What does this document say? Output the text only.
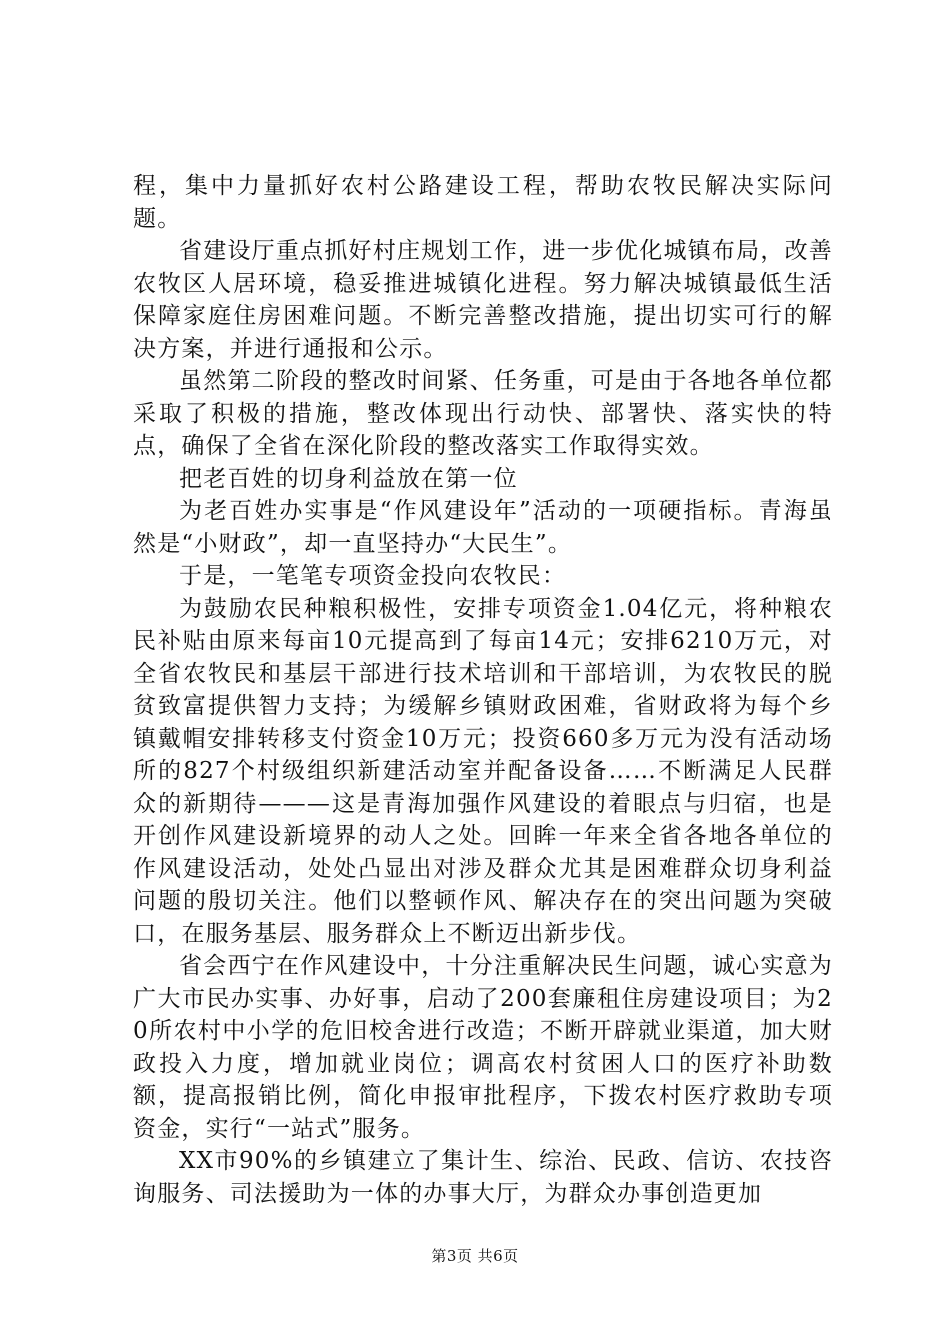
程，集中力量抓好农村公路建设工程，帮助农牧民解决实际问题。

省建设厅重点抓好村庄规划工作，进一步优化城镇布局，改善农牧区人居环境，稳妥推进城镇化进程。努力解决城镇最低生活保障家庭住房困难问题。不断完善整改措施，提出切实可行的解决方案，并进行通报和公示。

虽然第二阶段的整改时间紧、任务重，可是由于各地各单位都采取了积极的措施，整改体现出行动快、部署快、落实快的特点，确保了全省在深化阶段的整改落实工作取得实效。

把老百姓的切身利益放在第一位

为老百姓办实事是“作风建设年”活动的一项硬指标。青海虽然是“小财政”，却一直坚持办“大民生”。

于是，一笔笔专项资金投向农牧民：

为鼓励农民种粮积极性，安排专项资金1.04亿元，将种粮农民补贴由原来每亩10元提高到了每亩14元；安排6210万元，对全省农牧民和基层干部进行技术培训和干部培训，为农牧民的脱贫致富提供智力支持；为缓解乡镇财政困难，省财政将为每个乡镇戴帽安排转移支付资金10万元；投资660多万元为没有活动场所的827个村级组织新建活动室并配备设备……不断满足人民群众的新期待———这是青海加强作风建设的着眼点与归宿，也是开创作风建设新境界的动人之处。回眸一年来全省各地各单位的作风建设活动，处处凸显出对涉及群众尤其是困难群众切身利益问题的殷切关注。他们以整顿作风、解决存在的突出问题为突破口，在服务基层、服务群众上不断迈出新步伐。

省会西宁在作风建设中，十分注重解决民生问题，诚心实意为广大市民办实事、办好事，启动了200套廉租住房建设项目；为20所农村中小学的危旧校舍进行改造；不断开辟就业渠道，加大财政投入力度，增加就业岗位；调高农村贫困人口的医疗补助数额，提高报销比例，简化申报审批程序，下拨农村医疗救助专项资金，实行“一站式”服务。

XX市90%的乡镇建立了集计生、综治、民政、信访、农技咨询服务、司法援助为一体的办事大厅，为群众办事创造更加

第3页 共6页
